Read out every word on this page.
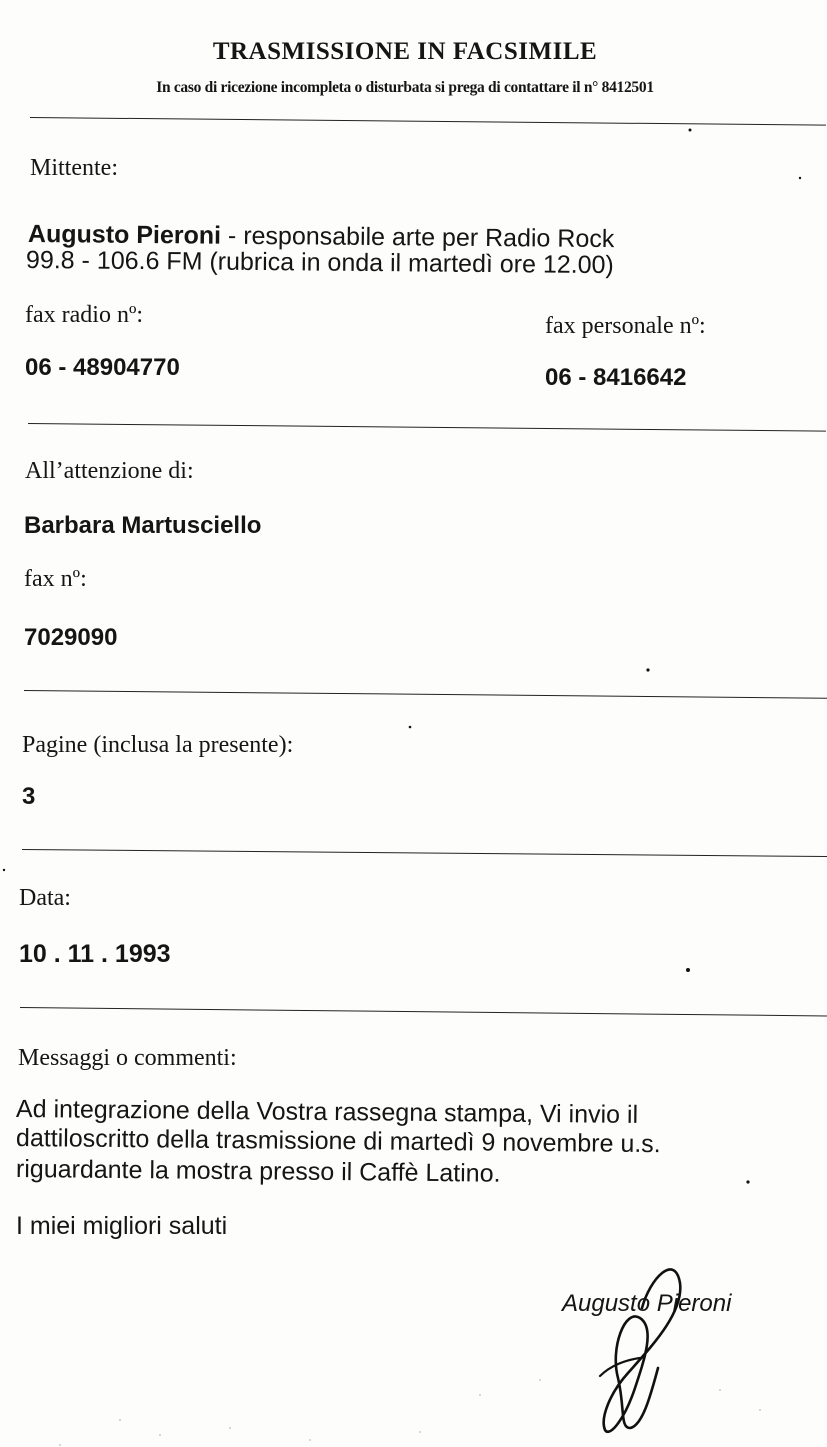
TRASMISSIONE IN FACSIMILE
In caso di ricezione incompleta o disturbata si prega di contattare il n° 8412501
Mittente:
Augusto Pieroni - responsabile arte per Radio Rock
99.8 - 106.6 FM (rubrica in onda il martedì ore 12.00)
fax radio nº:
06 - 48904770
fax personale nº:
06 - 8416642
All’attenzione di:
Barbara Martusciello
fax nº:
7029090
Pagine (inclusa la presente):
3
Data:
10 . 11 . 1993
Messaggi o commenti:
Ad integrazione della Vostra rassegna stampa, Vi invio il
dattiloscritto della trasmissione di martedì 9 novembre u.s.
riguardante la mostra presso il Caffè Latino.
I miei migliori saluti
Augusto Pieroni
